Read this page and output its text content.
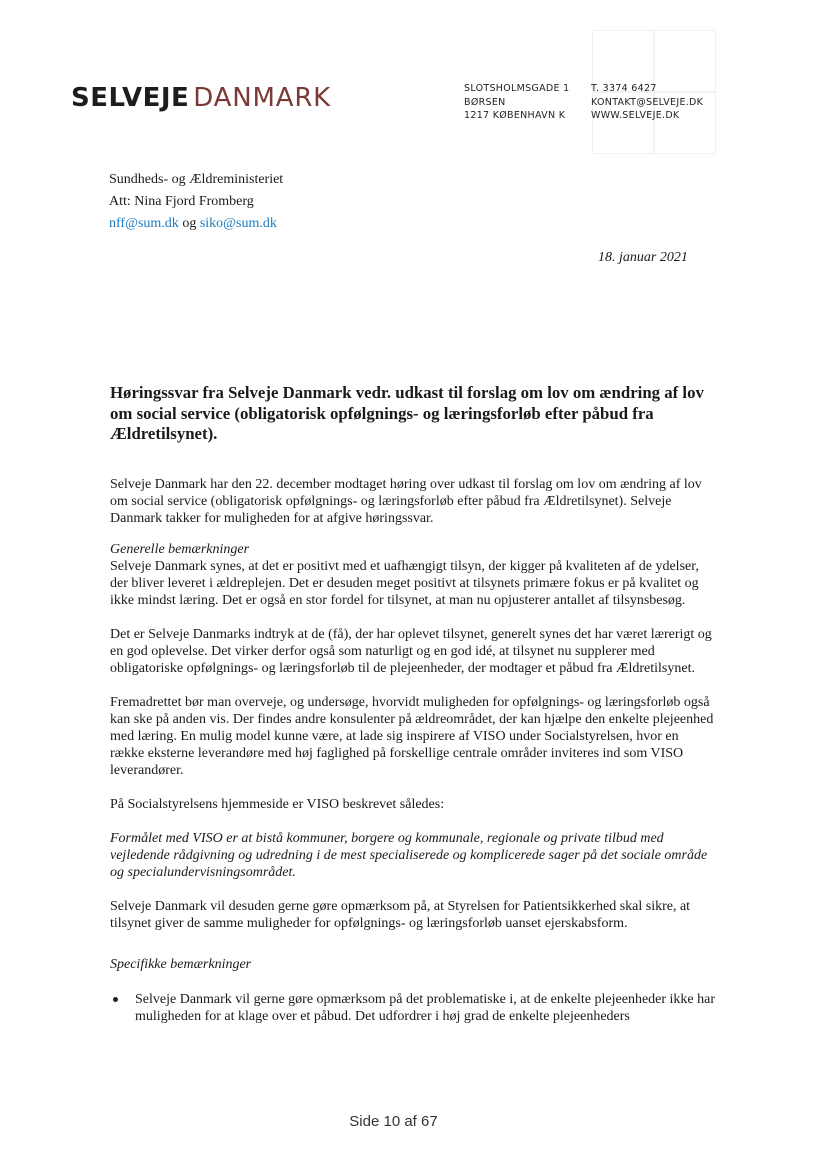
SELVEJE DANMARK	SLOTSHOLMSGADE 1
BØRSEN
1217 KØBENHAVN K
T. 3374 6427
KONTAKT@SELVEJE.DK
WWW.SELVEJE.DK
Sundheds- og Ældreministeriet
Att: Nina Fjord Fromberg
nff@sum.dk og siko@sum.dk
18. januar 2021
Høringssvar fra Selveje Danmark vedr. udkast til forslag om lov om ændring af lov om social service (obligatorisk opfølgnings- og læringsforløb efter påbud fra Ældretilsynet).

Selveje Danmark har den 22. december modtaget høring over udkast til forslag om lov om ændring af lov om social service (obligatorisk opfølgnings- og læringsforløb efter påbud fra Ældretilsynet). Selveje Danmark takker for muligheden for at afgive høringssvar.

Generelle bemærkninger

Selveje Danmark synes, at det er positivt med et uafhængigt tilsyn, der kigger på kvaliteten af de ydelser, der bliver leveret i ældreplejen. Det er desuden meget positivt at tilsynets primære fokus er på kvalitet og ikke mindst læring. Det er også en stor fordel for tilsynet, at man nu opjusterer antallet af tilsynsbesøg.

Det er Selveje Danmarks indtryk at de (få), der har oplevet tilsynet, generelt synes det har været lærerigt og en god oplevelse. Det virker derfor også som naturligt og en god idé, at tilsynet nu supplerer med obligatoriske opfølgnings- og læringsforløb til de plejeenheder, der modtager et påbud fra Ældretilsynet.

Fremadrettet bør man overveje, og undersøge, hvorvidt muligheden for opfølgnings- og læringsforløb også kan ske på anden vis. Der findes andre konsulenter på ældreområdet, der kan hjælpe den enkelte plejeenhed med læring. En mulig model kunne være, at lade sig inspirere af VISO under Socialstyrelsen, hvor en række eksterne leverandøre med høj faglighed på forskellige centrale områder inviteres ind som VISO leverandører.

På Socialstyrelsens hjemmeside er VISO beskrevet således:

Formålet med VISO er at bistå kommuner, borgere og kommunale, regionale og private tilbud med vejledende rådgivning og udredning i de mest specialiserede og komplicerede sager på det sociale område og specialundervisningsområdet.

Selveje Danmark vil desuden gerne gøre opmærksom på, at Styrelsen for Patientsikkerhed skal sikre, at tilsynet giver de samme muligheder for opfølgnings- og læringsforløb uanset ejerskabsform.

Specifikke bemærkninger

Selveje Danmark vil gerne gøre opmærksom på det problematiske i, at de enkelte plejeenheder ikke har muligheden for at klage over et påbud. Det udfordrer i høj grad de enkelte plejeenheders
Side 10 af 67
